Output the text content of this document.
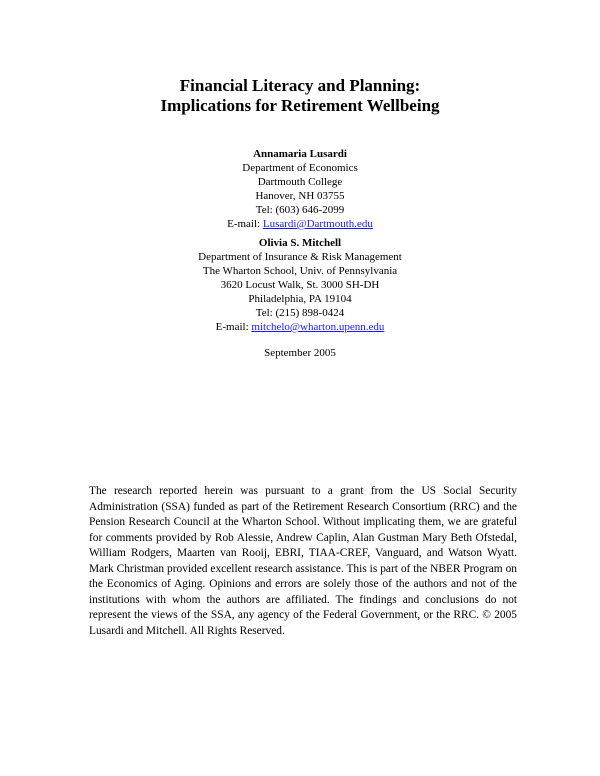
Financial Literacy and Planning:
Implications for Retirement Wellbeing
Annamaria Lusardi
Department of Economics
Dartmouth College
Hanover, NH 03755
Tel: (603) 646-2099
E-mail: Lusardi@Dartmouth.edu
Olivia S. Mitchell
Department of Insurance & Risk Management
The Wharton School, Univ. of Pennsylvania
3620 Locust Walk, St. 3000 SH-DH
Philadelphia, PA 19104
Tel: (215) 898-0424
E-mail: mitchelo@wharton.upenn.edu
September 2005
The research reported herein was pursuant to a grant from the US Social Security Administration (SSA) funded as part of the Retirement Research Consortium (RRC) and the Pension Research Council at the Wharton School. Without implicating them, we are grateful for comments provided by Rob Alessie, Andrew Caplin, Alan Gustman Mary Beth Ofstedal, William Rodgers, Maarten van Rooij, EBRI, TIAA-CREF, Vanguard, and Watson Wyatt. Mark Christman provided excellent research assistance. This is part of the NBER Program on the Economics of Aging. Opinions and errors are solely those of the authors and not of the institutions with whom the authors are affiliated. The findings and conclusions do not represent the views of the SSA, any agency of the Federal Government, or the RRC. © 2005 Lusardi and Mitchell. All Rights Reserved.
